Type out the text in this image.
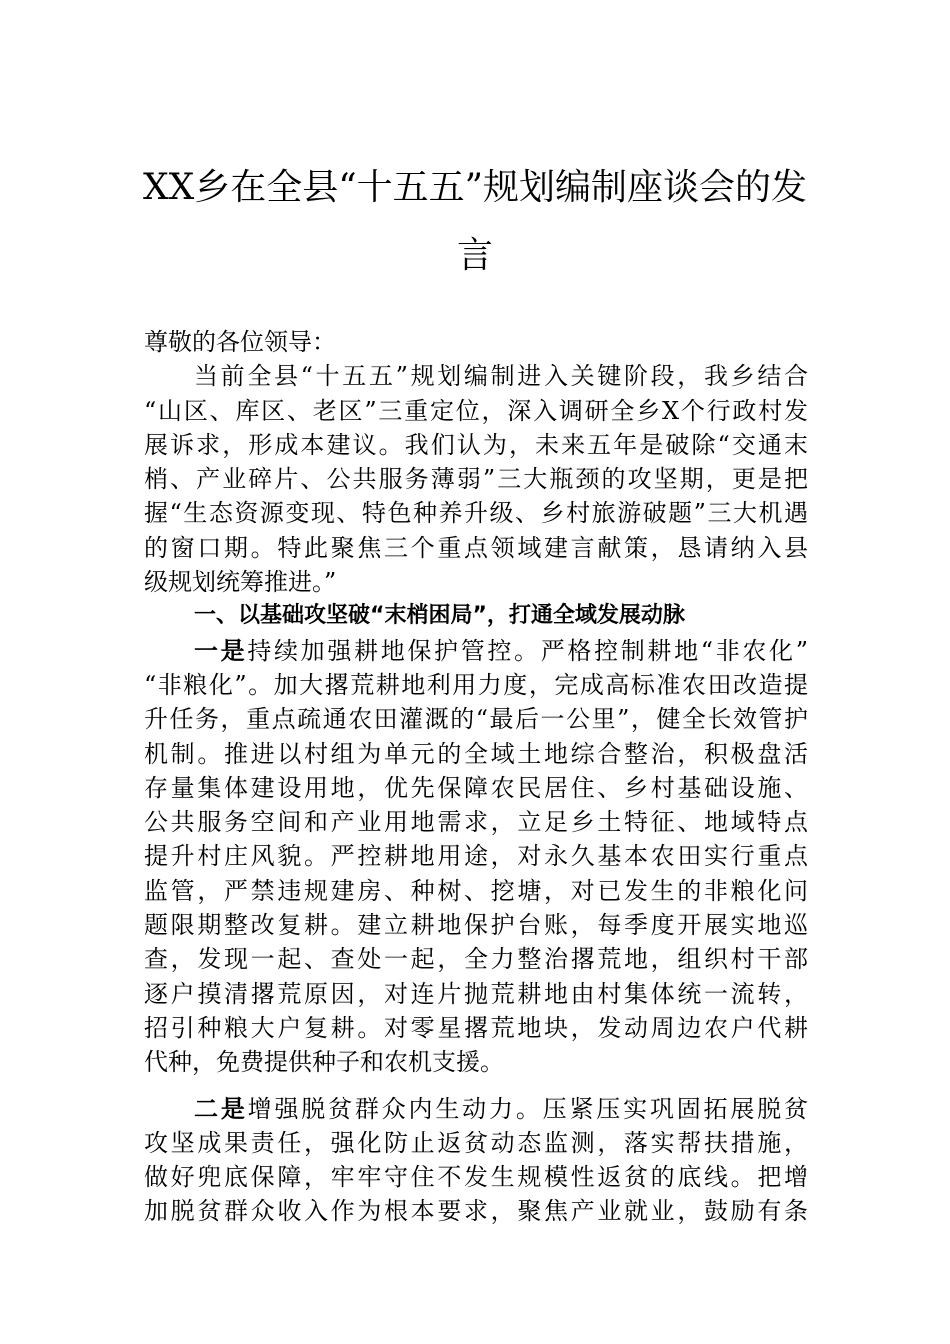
XX乡在全县“十五五”规划编制座谈会的发
言
尊敬的各位领导：
当前全县“十五五”规划编制进入关键阶段，我乡结合
“山区、库区、老区”三重定位，深入调研全乡X个行政村发
展诉求，形成本建议。我们认为，未来五年是破除“交通末
梢、产业碎片、公共服务薄弱”三大瓶颈的攻坚期，更是把
握“生态资源变现、特色种养升级、乡村旅游破题”三大机遇
的窗口期。特此聚焦三个重点领域建言献策，恳请纳入县
级规划统筹推进。”
一、以基础攻坚破“末梢困局”，打通全域发展动脉
一是持续加强耕地保护管控。严格控制耕地“非农化”
“非粮化”。加大撂荒耕地利用力度，完成高标准农田改造提
升任务，重点疏通农田灌溉的“最后一公里”，健全长效管护
机制。推进以村组为单元的全域土地综合整治，积极盘活
存量集体建设用地，优先保障农民居住、乡村基础设施、
公共服务空间和产业用地需求，立足乡土特征、地域特点
提升村庄风貌。严控耕地用途，对永久基本农田实行重点
监管，严禁违规建房、种树、挖塘，对已发生的非粮化问
题限期整改复耕。建立耕地保护台账，每季度开展实地巡
查，发现一起、查处一起，全力整治撂荒地，组织村干部
逐户摸清撂荒原因，对连片抛荒耕地由村集体统一流转，
招引种粮大户复耕。对零星撂荒地块，发动周边农户代耕
代种，免费提供种子和农机支援。
二是增强脱贫群众内生动力。压紧压实巩固拓展脱贫
攻坚成果责任，强化防止返贫动态监测，落实帮扶措施，
做好兜底保障，牢牢守住不发生规模性返贫的底线。把增
加脱贫群众收入作为根本要求，聚焦产业就业，鼓励有条
